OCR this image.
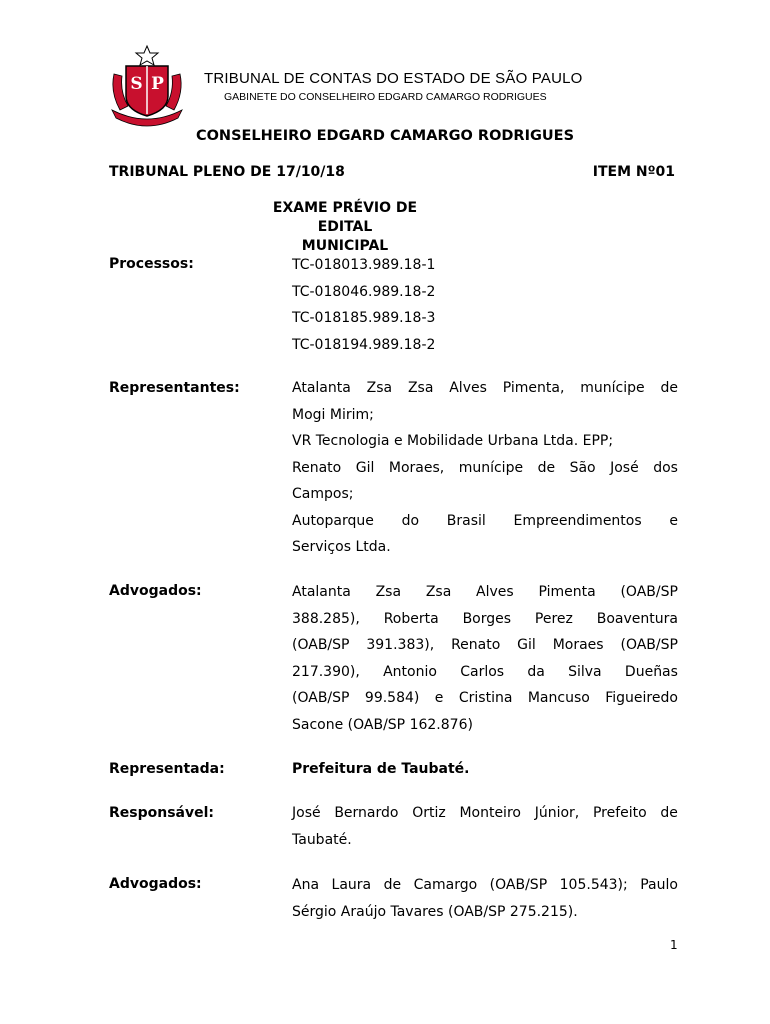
S P	TRIBUNAL DE CONTAS DO ESTADO DE SÃO PAULO
GABINETE DO CONSELHEIRO EDGARD CAMARGO RODRIGUES
CONSELHEIRO EDGARD CAMARGO RODRIGUES
TRIBUNAL PLENO DE 17/10/18	ITEM Nº01
EXAME PRÉVIO DE EDITAL
MUNICIPAL
Processos:	TC-018013.989.18-1
TC-018046.989.18-2
TC-018185.989.18-3
TC-018194.989.18-2
Representantes:	Atalanta Zsa Zsa Alves Pimenta, munícipe de
Mogi Mirim;
VR Tecnologia e Mobilidade Urbana Ltda. EPP;
Renato Gil Moraes, munícipe de São José dos
Campos;
Autoparque do Brasil Empreendimentos e
Serviços Ltda.
Advogados:	Atalanta Zsa Zsa Alves Pimenta (OAB/SP
388.285), Roberta Borges Perez Boaventura
(OAB/SP 391.383), Renato Gil Moraes (OAB/SP
217.390), Antonio Carlos da Silva Dueñas
(OAB/SP 99.584) e Cristina Mancuso Figueiredo
Sacone (OAB/SP 162.876)
Representada:	Prefeitura de Taubaté.
Responsável:	José Bernardo Ortiz Monteiro Júnior, Prefeito de
Taubaté.
Advogados:	Ana Laura de Camargo (OAB/SP 105.543); Paulo
Sérgio Araújo Tavares (OAB/SP 275.215).
1
